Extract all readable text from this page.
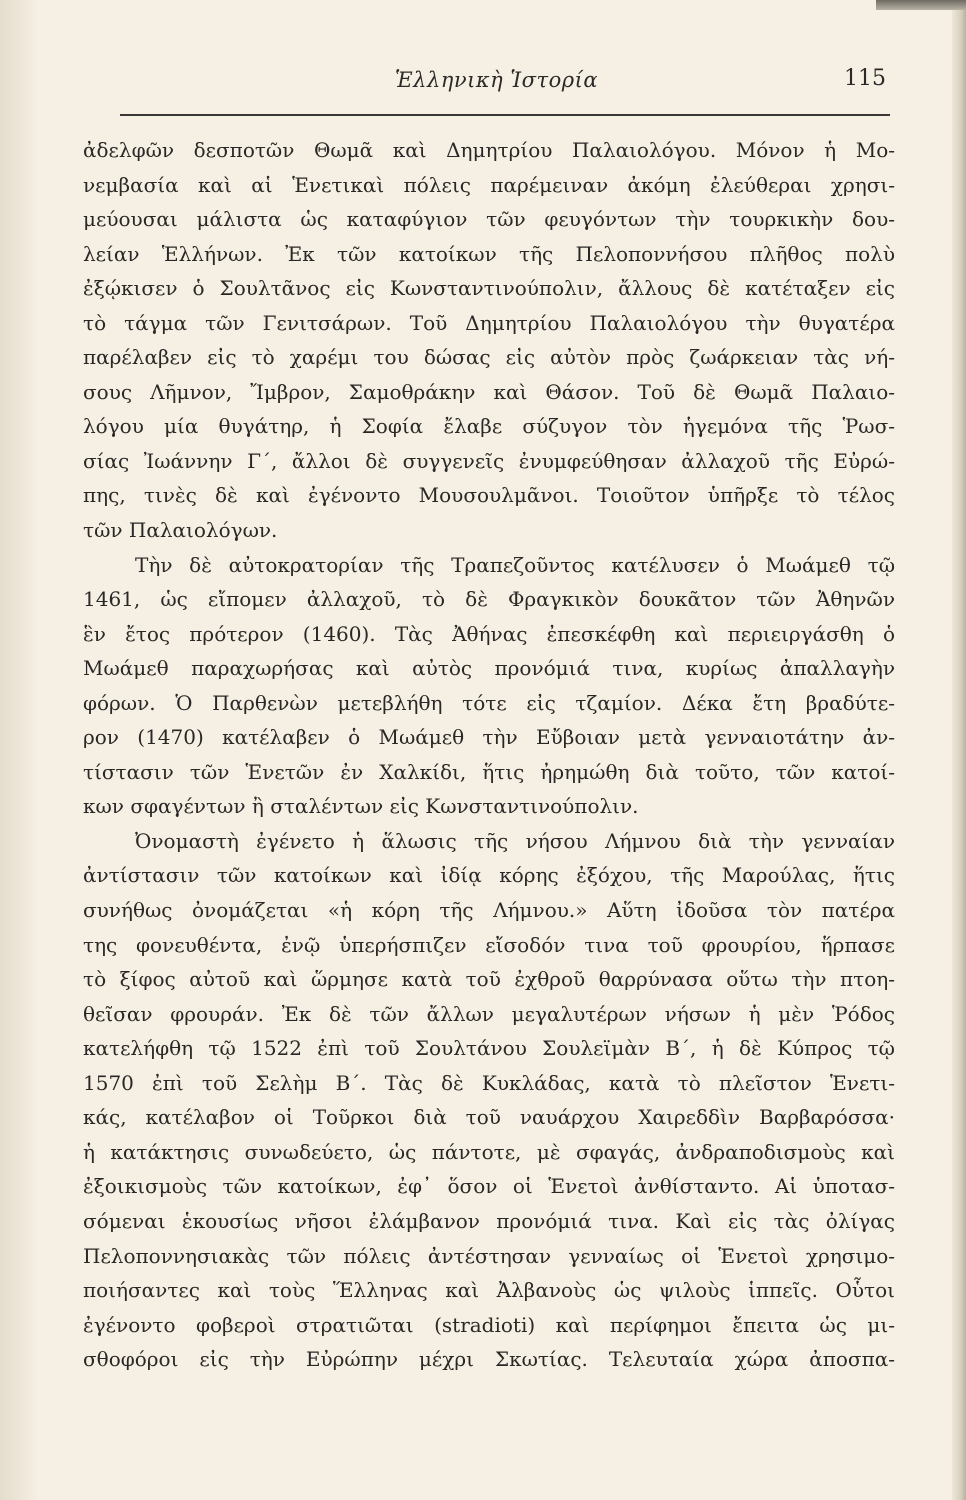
Ἑλληνικὴ Ἱστορία	115
ἀδελφῶν δεσποτῶν Θωμᾶ καὶ Δημητρίου Παλαιολόγου. Μόνον ἡ Μο-
νεμβασία καὶ αἱ Ἑνετικαὶ πόλεις παρέμειναν ἀκόμη ἐλεύθεραι χρησι-
μεύουσαι μάλιστα ὡς καταφύγιον τῶν φευγόντων τὴν τουρκικὴν δου-
λείαν Ἑλλήνων. Ἐκ τῶν κατοίκων τῆς Πελοποννήσου πλῆθος πολὺ
ἐξῴκισεν ὁ Σουλτᾶνος εἰς Κωνσταντινούπολιν, ἄλλους δὲ κατέταξεν εἰς
τὸ τάγμα τῶν Γενιτσάρων. Τοῦ Δημητρίου Παλαιολόγου τὴν θυγατέρα
παρέλαβεν εἰς τὸ χαρέμι του δώσας εἰς αὐτὸν πρὸς ζωάρκειαν τὰς νή-
σους Λῆμνον, Ἴμβρον, Σαμοθράκην καὶ Θάσον. Τοῦ δὲ Θωμᾶ Παλαιο-
λόγου μία θυγάτηρ, ἡ Σοφία ἔλαβε σύζυγον τὸν ἡγεμόνα τῆς Ῥωσ-
σίας Ἰωάννην Γ΄, ἄλλοι δὲ συγγενεῖς ἐνυμφεύθησαν ἀλλαχοῦ τῆς Εὐρώ-
πης, τινὲς δὲ καὶ ἐγένοντο Μουσουλμᾶνοι. Τοιοῦτον ὑπῆρξε τὸ τέλος
τῶν Παλαιολόγων.
Τὴν δὲ αὐτοκρατορίαν τῆς Τραπεζοῦντος κατέλυσεν ὁ Μωάμεθ τῷ
1461, ὡς εἴπομεν ἀλλαχοῦ, τὸ δὲ Φραγκικὸν δουκᾶτον τῶν Ἀθηνῶν
ἓν ἔτος πρότερον (1460). Τὰς Ἀθήνας ἐπεσκέφθη καὶ περιειργάσθη ὁ
Μωάμεθ παραχωρήσας καὶ αὐτὸς προνόμιά τινα, κυρίως ἀπαλλαγὴν
φόρων. Ὁ Παρθενὼν μετεβλήθη τότε εἰς τζαμίον. Δέκα ἔτη βραδύτε-
ρον (1470) κατέλαβεν ὁ Μωάμεθ τὴν Εὔβοιαν μετὰ γενναιοτάτην ἀν-
τίστασιν τῶν Ἑνετῶν ἐν Χαλκίδι, ἥτις ἠρημώθη διὰ τοῦτο, τῶν κατοί-
κων σφαγέντων ἢ σταλέντων εἰς Κωνσταντινούπολιν.
Ὀνομαστὴ ἐγένετο ἡ ἅλωσις τῆς νήσου Λήμνου διὰ τὴν γενναίαν
ἀντίστασιν τῶν κατοίκων καὶ ἰδίᾳ κόρης ἐξόχου, τῆς Μαρούλας, ἥτις
συνήθως ὀνομάζεται «ἡ κόρη τῆς Λήμνου.» Αὕτη ἰδοῦσα τὸν πατέρα
της φονευθέντα, ἐνῷ ὑπερήσπιζεν εἴσοδόν τινα τοῦ φρουρίου, ἥρπασε
τὸ ξίφος αὐτοῦ καὶ ὥρμησε κατὰ τοῦ ἐχθροῦ θαρρύνασα οὕτω τὴν πτοη-
θεῖσαν φρουράν. Ἐκ δὲ τῶν ἄλλων μεγαλυτέρων νήσων ἡ μὲν Ῥόδος
κατελήφθη τῷ 1522 ἐπὶ τοῦ Σουλτάνου Σουλεϊμὰν Β΄, ἡ δὲ Κύπρος τῷ
1570 ἐπὶ τοῦ Σελὴμ Β΄. Τὰς δὲ Κυκλάδας, κατὰ τὸ πλεῖστον Ἑνετι-
κάς, κατέλαβον οἱ Τοῦρκοι διὰ τοῦ ναυάρχου Χαιρεδδὶν Βαρβαρόσσα·
ἡ κατάκτησις συνωδεύετο, ὡς πάντοτε, μὲ σφαγάς, ἀνδραποδισμοὺς καὶ
ἐξοικισμοὺς τῶν κατοίκων, ἐφ᾽ ὅσον οἱ Ἑνετοὶ ἀνθίσταντο. Αἱ ὑποτασ-
σόμεναι ἑκουσίως νῆσοι ἐλάμβανον προνόμιά τινα. Καὶ εἰς τὰς ὀλίγας
Πελοποννησιακὰς τῶν πόλεις ἀντέστησαν γενναίως οἱ Ἑνετοὶ χρησιμο-
ποιήσαντες καὶ τοὺς Ἕλληνας καὶ Ἀλβανοὺς ὡς ψιλοὺς ἱππεῖς. Οὗτοι
ἐγένοντο φοβεροὶ στρατιῶται (stradioti) καὶ περίφημοι ἔπειτα ὡς μι-
σθοφόροι εἰς τὴν Εὐρώπην μέχρι Σκωτίας. Τελευταία χώρα ἀποσπα-
